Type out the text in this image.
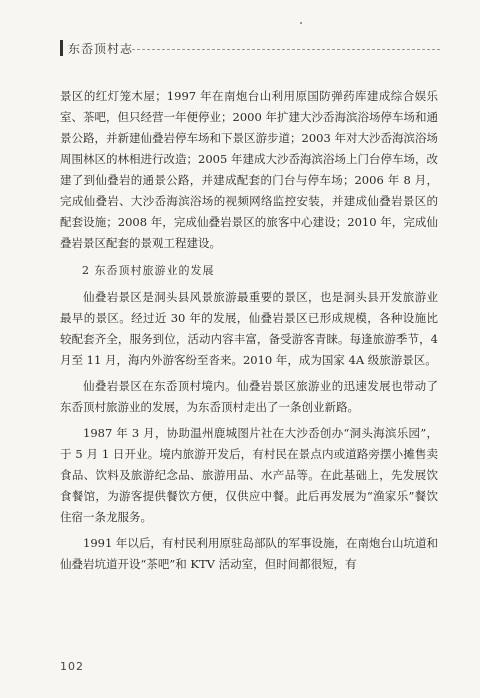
东岙顶村志

景区的红灯笼木屋；1997 年在南炮台山利用原国防弹药库建成综合娱乐室、茶吧，但只经营一年便停业；2000 年扩建大沙岙海滨浴场停车场和通景公路，并新建仙叠岩停车场和下景区游步道；2003 年对大沙岙海滨浴场周围林区的林相进行改造；2005 年建成大沙岙海滨浴场上门台停车场，改建了到仙叠岩的通景公路，并建成配套的门台与停车场；2006 年 8 月，完成仙叠岩、大沙岙海滨浴场的视频网络监控安装，并建成仙叠岩景区的配套设施；2008 年，完成仙叠岩景区的旅客中心建设；2010 年，完成仙叠岩景区配套的景观工程建设。

2 东岙顶村旅游业的发展

仙叠岩景区是洞头县风景旅游最重要的景区，也是洞头县开发旅游业最早的景区。经过近 30 年的发展，仙叠岩景区已形成规模，各种设施比较配套齐全，服务到位，活动内容丰富，备受游客青睐。每逢旅游季节，4 月至 11 月，海内外游客纷至沓来。2010 年，成为国家 4A 级旅游景区。

仙叠岩景区在东岙顶村境内。仙叠岩景区旅游业的迅速发展也带动了东岙顶村旅游业的发展，为东岙顶村走出了一条创业新路。

1987 年 3 月，协助温州鹿城图片社在大沙岙创办“洞头海滨乐园”，于 5 月 1 日开业。境内旅游开发后，有村民在景点内或道路旁摆小摊售卖食品、饮料及旅游纪念品、旅游用品、水产品等。在此基础上，先发展饮食餐馆，为游客提供餐饮方便，仅供应中餐。此后再发展为“渔家乐”餐饮住宿一条龙服务。

1991 年以后，有村民利用原驻岛部队的军事设施，在南炮台山坑道和仙叠岩坑道开设“茶吧”和 KTV 活动室，但时间都很短，有

102
